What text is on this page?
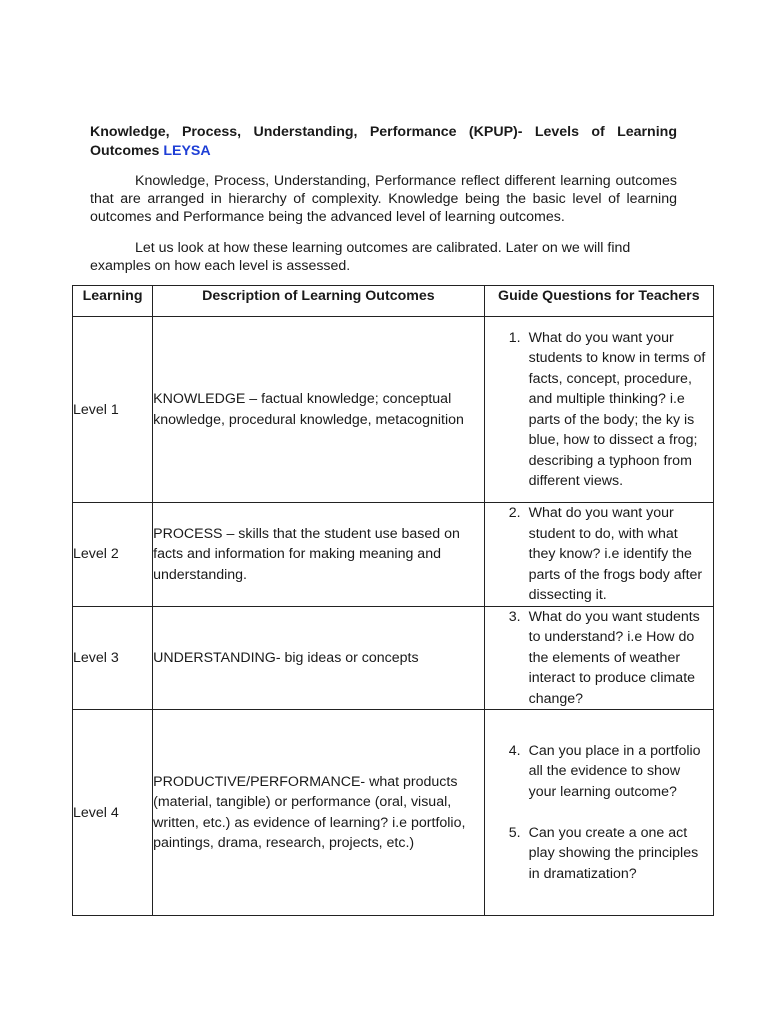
Knowledge, Process, Understanding, Performance (KPUP)- Levels of Learning Outcomes LEYSA
Knowledge, Process, Understanding, Performance reflect different learning outcomes that are arranged in hierarchy of complexity. Knowledge being the basic level of learning outcomes and Performance being the advanced level of learning outcomes.
Let us look at how these learning outcomes are calibrated. Later on we will find examples on how each level is assessed.
Learning	Description of Learning Outcomes	Guide Questions for Teachers
Level 1	KNOWLEDGE – factual knowledge; conceptual knowledge, procedural knowledge, metacognition	1. What do you want your students to know in terms of facts, concept, procedure, and multiple thinking? i.e parts of the body; the ky is blue, how to dissect a frog; describing a typhoon from different views.

Level 2	PROCESS – skills that the student use based on facts and information for making meaning and understanding.	2. What do you want your student to do, with what they know? i.e identify the parts of the frogs body after dissecting it.

Level 3	UNDERSTANDING- big ideas or concepts	3. What do you want students to understand? i.e How do the elements of weather interact to produce climate change?

Level 4	PRODUCTIVE/PERFORMANCE- what products (material, tangible) or performance (oral, visual, written, etc.) as evidence of learning? i.e portfolio, paintings, drama, research, projects, etc.)	4. Can you place in a portfolio all the evidence to show your learning outcome?
5. Can you create a one act play showing the principles in dramatization?
